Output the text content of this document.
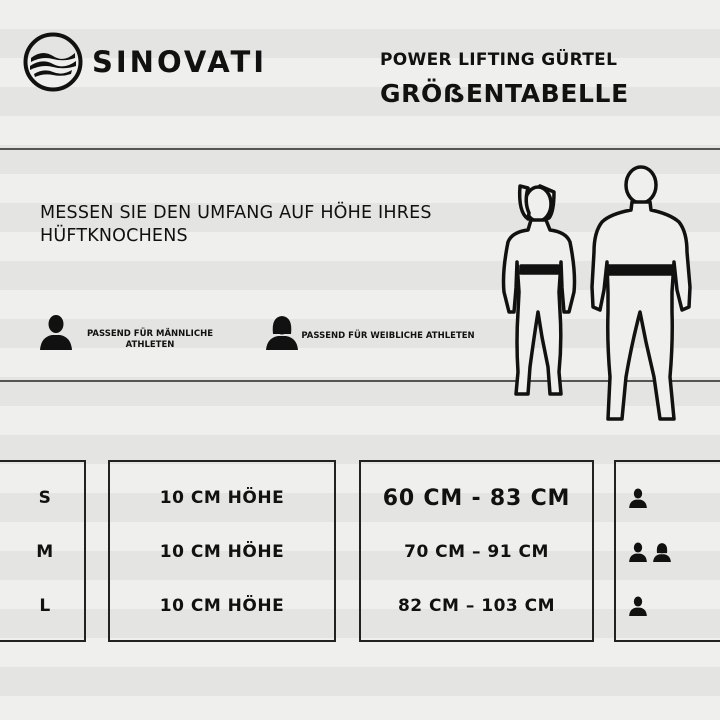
SINOVATI	POWER LIFTING GÜRTEL
GRÖẞENTABELLE
MESSEN SIE DEN UMFANG AUF HÖHE IHRES HÜFTKNOCHENS
PASSEND FÜR MÄNNLICHE ATHLETEN
PASSEND FÜR WEIBLICHE ATHLETEN
S
M
L
10 CM HÖHE
10 CM HÖHE
10 CM HÖHE
60 CM - 83 CM
70 CM – 91 CM
82 CM – 103 CM
